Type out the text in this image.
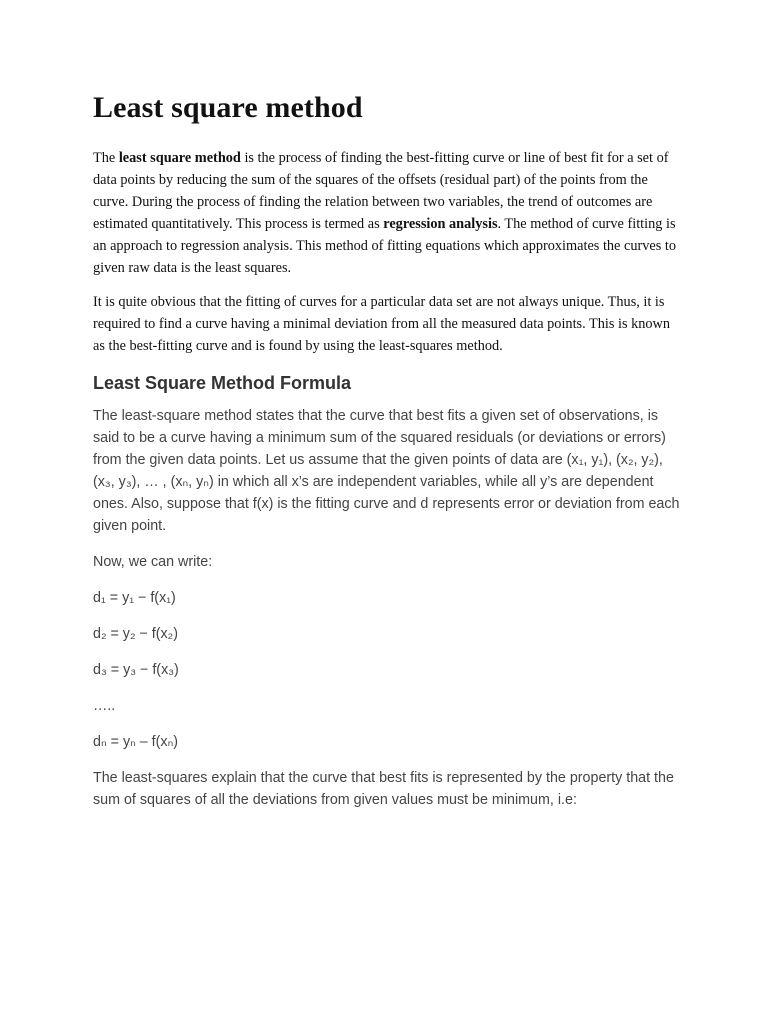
Least square method

The least square method is the process of finding the best-fitting curve or line of best fit for a set of data points by reducing the sum of the squares of the offsets (residual part) of the points from the curve. During the process of finding the relation between two variables, the trend of outcomes are estimated quantitatively. This process is termed as regression analysis. The method of curve fitting is an approach to regression analysis. This method of fitting equations which approximates the curves to given raw data is the least squares.

It is quite obvious that the fitting of curves for a particular data set are not always unique. Thus, it is required to find a curve having a minimal deviation from all the measured data points. This is known as the best-fitting curve and is found by using the least-squares method.

Least Square Method Formula

The least-square method states that the curve that best fits a given set of observations, is said to be a curve having a minimum sum of the squared residuals (or deviations or errors) from the given data points. Let us assume that the given points of data are (x₁, y₁), (x₂, y₂), (x₃, y₃), … , (xₙ, yₙ) in which all x’s are independent variables, while all y’s are dependent ones. Also, suppose that f(x) is the fitting curve and d represents error or deviation from each given point.

Now, we can write:

d₁ = y₁ − f(x₁)

d₂ = y₂ − f(x₂)

d₃ = y₃ − f(x₃)

…..

dₙ = yₙ – f(xₙ)

The least-squares explain that the curve that best fits is represented by the property that the sum of squares of all the deviations from given values must be minimum, i.e:
